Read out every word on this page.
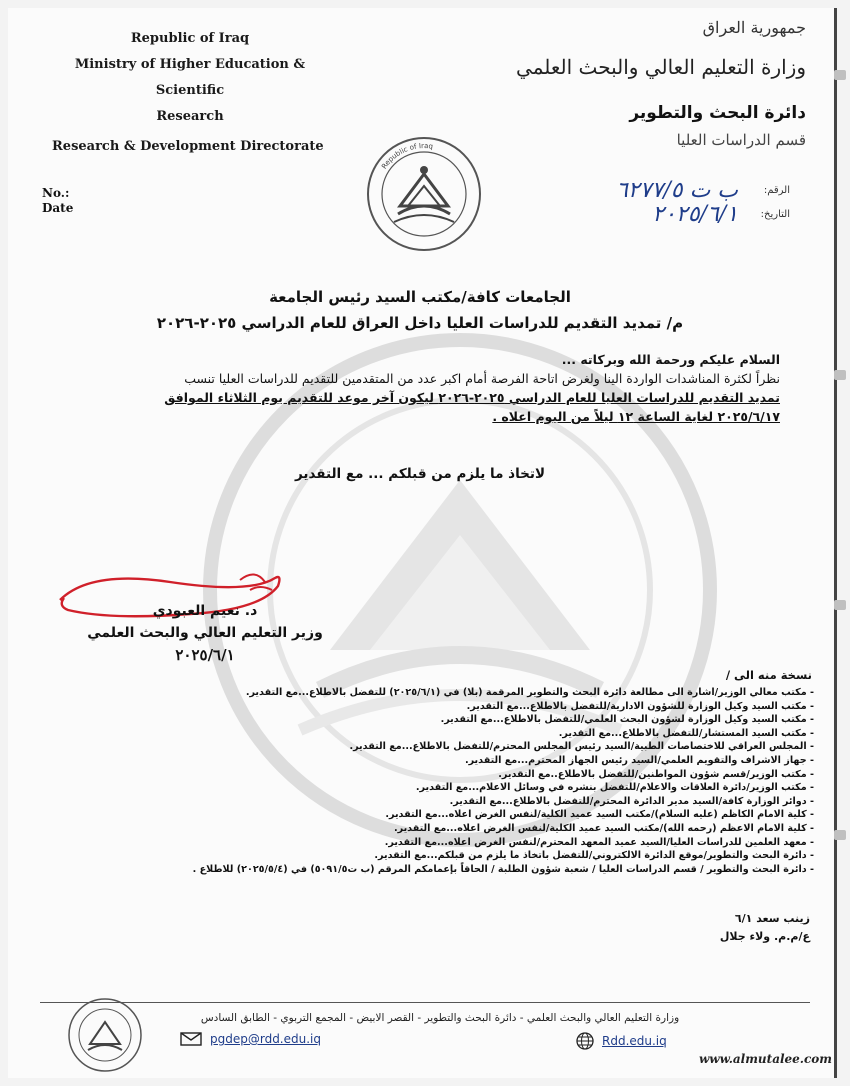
Republic of Iraq
Ministry of Higher Education & Scientific
Research
Research & Development Directorate
No.:
Date
جمهورية العراق
وزارة التعليم العالي والبحث العلمي
دائرة البحث والتطوير
قسم الدراسات العليا
الرقم:
ب ت ٦٢٧٧/٥
التاريخ:
٢٠٢٥/٦/١
Republic of Iraq
الجامعات كافة/مكتب السيد رئيس الجامعة
م/ تمديد التقديم للدراسات العليا داخل العراق للعام الدراسي ٢٠٢٥-٢٠٢٦
السلام عليكم ورحمة الله وبركاته ...
نظراً لكثرة المناشدات الواردة الينا ولغرض اتاحة الفرصة أمام اكبر عدد من المتقدمين للتقديم للدراسات العليا تنسب
تمديد التقديم للدراسات العليا للعام الدراسي ٢٠٢٥-٢٠٢٦ ليكون آخر موعد للتقديم يوم الثلاثاء الموافق
٢٠٢٥/٦/١٧ لغاية الساعة ١٢ ليلاً من اليوم اعلاه .
لاتخاذ ما يلزم من قبلكم ... مع التقدير
د. نعيم العبودي
وزير التعليم العالي والبحث العلمي
٢٠٢٥/٦/١
نسخة منه الى /
- مكتب معالي الوزير/اشارة الى مطالعة دائرة البحث والتطوير المرقمة (بلا) في (٢٠٢٥/٦/١) للتفضل بالاطلاع...مع التقدير.
- مكتب السيد وكيل الوزارة للشؤون الادارية/للتفضل بالاطلاع...مع التقدير.
- مكتب السيد وكيل الوزارة لشؤون البحث العلمي/للتفضل بالاطلاع...مع التقدير.
- مكتب السيد المستشار/للتفضل بالاطلاع...مع التقدير.
- المجلس العراقي للاختصاصات الطبية/السيد رئيس المجلس المحترم/للتفضل بالاطلاع...مع التقدير.
- جهاز الاشراف والتقويم العلمي/السيد رئيس الجهاز المحترم...مع التقدير.
- مكتب الوزير/قسم شؤون المواطنين/للتفضل بالاطلاع..مع التقدير.
- مكتب الوزير/دائرة العلاقات والاعلام/للتفضل بنشره في وسائل الاعلام...مع التقدير.
- دوائر الوزارة كافة/السيد مدير الدائرة المحترم/للتفضل بالاطلاع...مع التقدير.
- كلية الامام الكاظم (عليه السلام)/مكتب السيد عميد الكلية/لنفس الغرض اعلاه...مع التقدير.
- كلية الامام الاعظم (رحمه الله)/مكتب السيد عميد الكلية/لنفس الغرض اعلاه...مع التقدير.
- معهد العلمين للدراسات العليا/السيد عميد المعهد المحترم/لنفس الغرض اعلاه...مع التقدير.
- دائرة البحث والتطوير/موقع الدائرة الالكتروني/للتفضل باتخاذ ما يلزم من قبلكم...مع التقدير.
- دائرة البحث والتطوير / قسم الدراسات العليا / شعبة شؤون الطلبة / الحاقاً بإعمامكم المرقم (ب ت٥٠٩١/٥) في (٢٠٢٥/٥/٤) للاطلاع .
زينب سعد ٦/١
ع/م.م. ولاء جلال
وزارة التعليم العالي والبحث العلمي - دائرة البحث والتطوير - القصر الابيض - المجمع التربوي - الطابق السادس
pgdep@rdd.edu.iq	Rdd.edu.iq
www.almutalee.com
